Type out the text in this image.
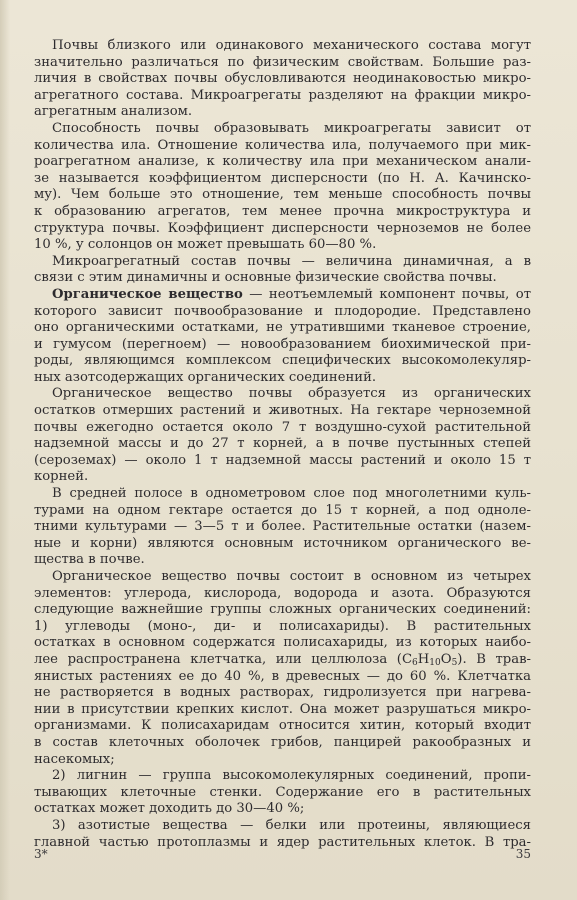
Почвы близкого или одинакового механического состава могут
значительно различаться по физическим свойствам. Большие раз-
личия в свойствах почвы обусловливаются неодинаковостью микро-
агрегатного состава. Микроагрегаты разделяют на фракции микро-
агрегатным анализом.

Способность почвы образовывать микроагрегаты зависит от
количества ила. Отношение количества ила, получаемого при мик-
роагрегатном анализе, к количеству ила при механическом анали-
зе называется коэффициентом дисперсности (по Н. А. Качинско-
му). Чем больше это отношение, тем меньше способность почвы
к образованию агрегатов, тем менее прочна микроструктура и
структура почвы. Коэффициент дисперсности черноземов не более
10 %, у солонцов он может превышать 60—80 %.

Микроагрегатный состав почвы — величина динамичная, а в
связи с этим динамичны и основные физические свойства почвы.

Органическое вещество — неотъемлемый компонент почвы, от
которого зависит почвообразование и плодородие. Представлено
оно органическими остатками, не утратившими тканевое строение,
и гумусом (перегноем) — новообразованием биохимической при-
роды, являющимся комплексом специфических высокомолекуляр-
ных азотсодержащих органических соединений.

Органическое вещество почвы образуется из органических
остатков отмерших растений и животных. На гектаре черноземной
почвы ежегодно остается около 7 т воздушно-сухой растительной
надземной массы и до 27 т корней, а в почве пустынных степей
(сероземах) — около 1 т надземной массы растений и около 15 т
корней.

В средней полосе в однометровом слое под многолетними куль-
турами на одном гектаре остается до 15 т корней, а под одноле-
тними культурами — 3—5 т и более. Растительные остатки (назем-
ные и корни) являются основным источником органического ве-
щества в почве.

Органическое вещество почвы состоит в основном из четырех
элементов: углерода, кислорода, водорода и азота. Образуются
следующие важнейшие группы сложных органических соединений:
1) углеводы (моно-, ди- и полисахариды). В растительных
остатках в основном содержатся полисахариды, из которых наибо-
лее распространена клетчатка, или целлюлоза $(С_6Н_{10}О_5)$. В трав-
янистых растениях ее до 40 %, в древесных — до 60 %. Клетчатка
не растворяется в водных растворах, гидролизуется при нагрева-
нии в присутствии крепких кислот. Она может разрушаться микро-
организмами. К полисахаридам относится хитин, который входит
в состав клеточных оболочек грибов, панцирей ракообразных и
насекомых;

2) лигнин — группа высокомолекулярных соединений, пропи-
тывающих клеточные стенки. Содержание его в растительных
остатках может доходить до 30—40 %;

3) азотистые вещества — белки или протеины, являющиеся
главной частью протоплазмы и ядер растительных клеток. В тра-

3*	35
